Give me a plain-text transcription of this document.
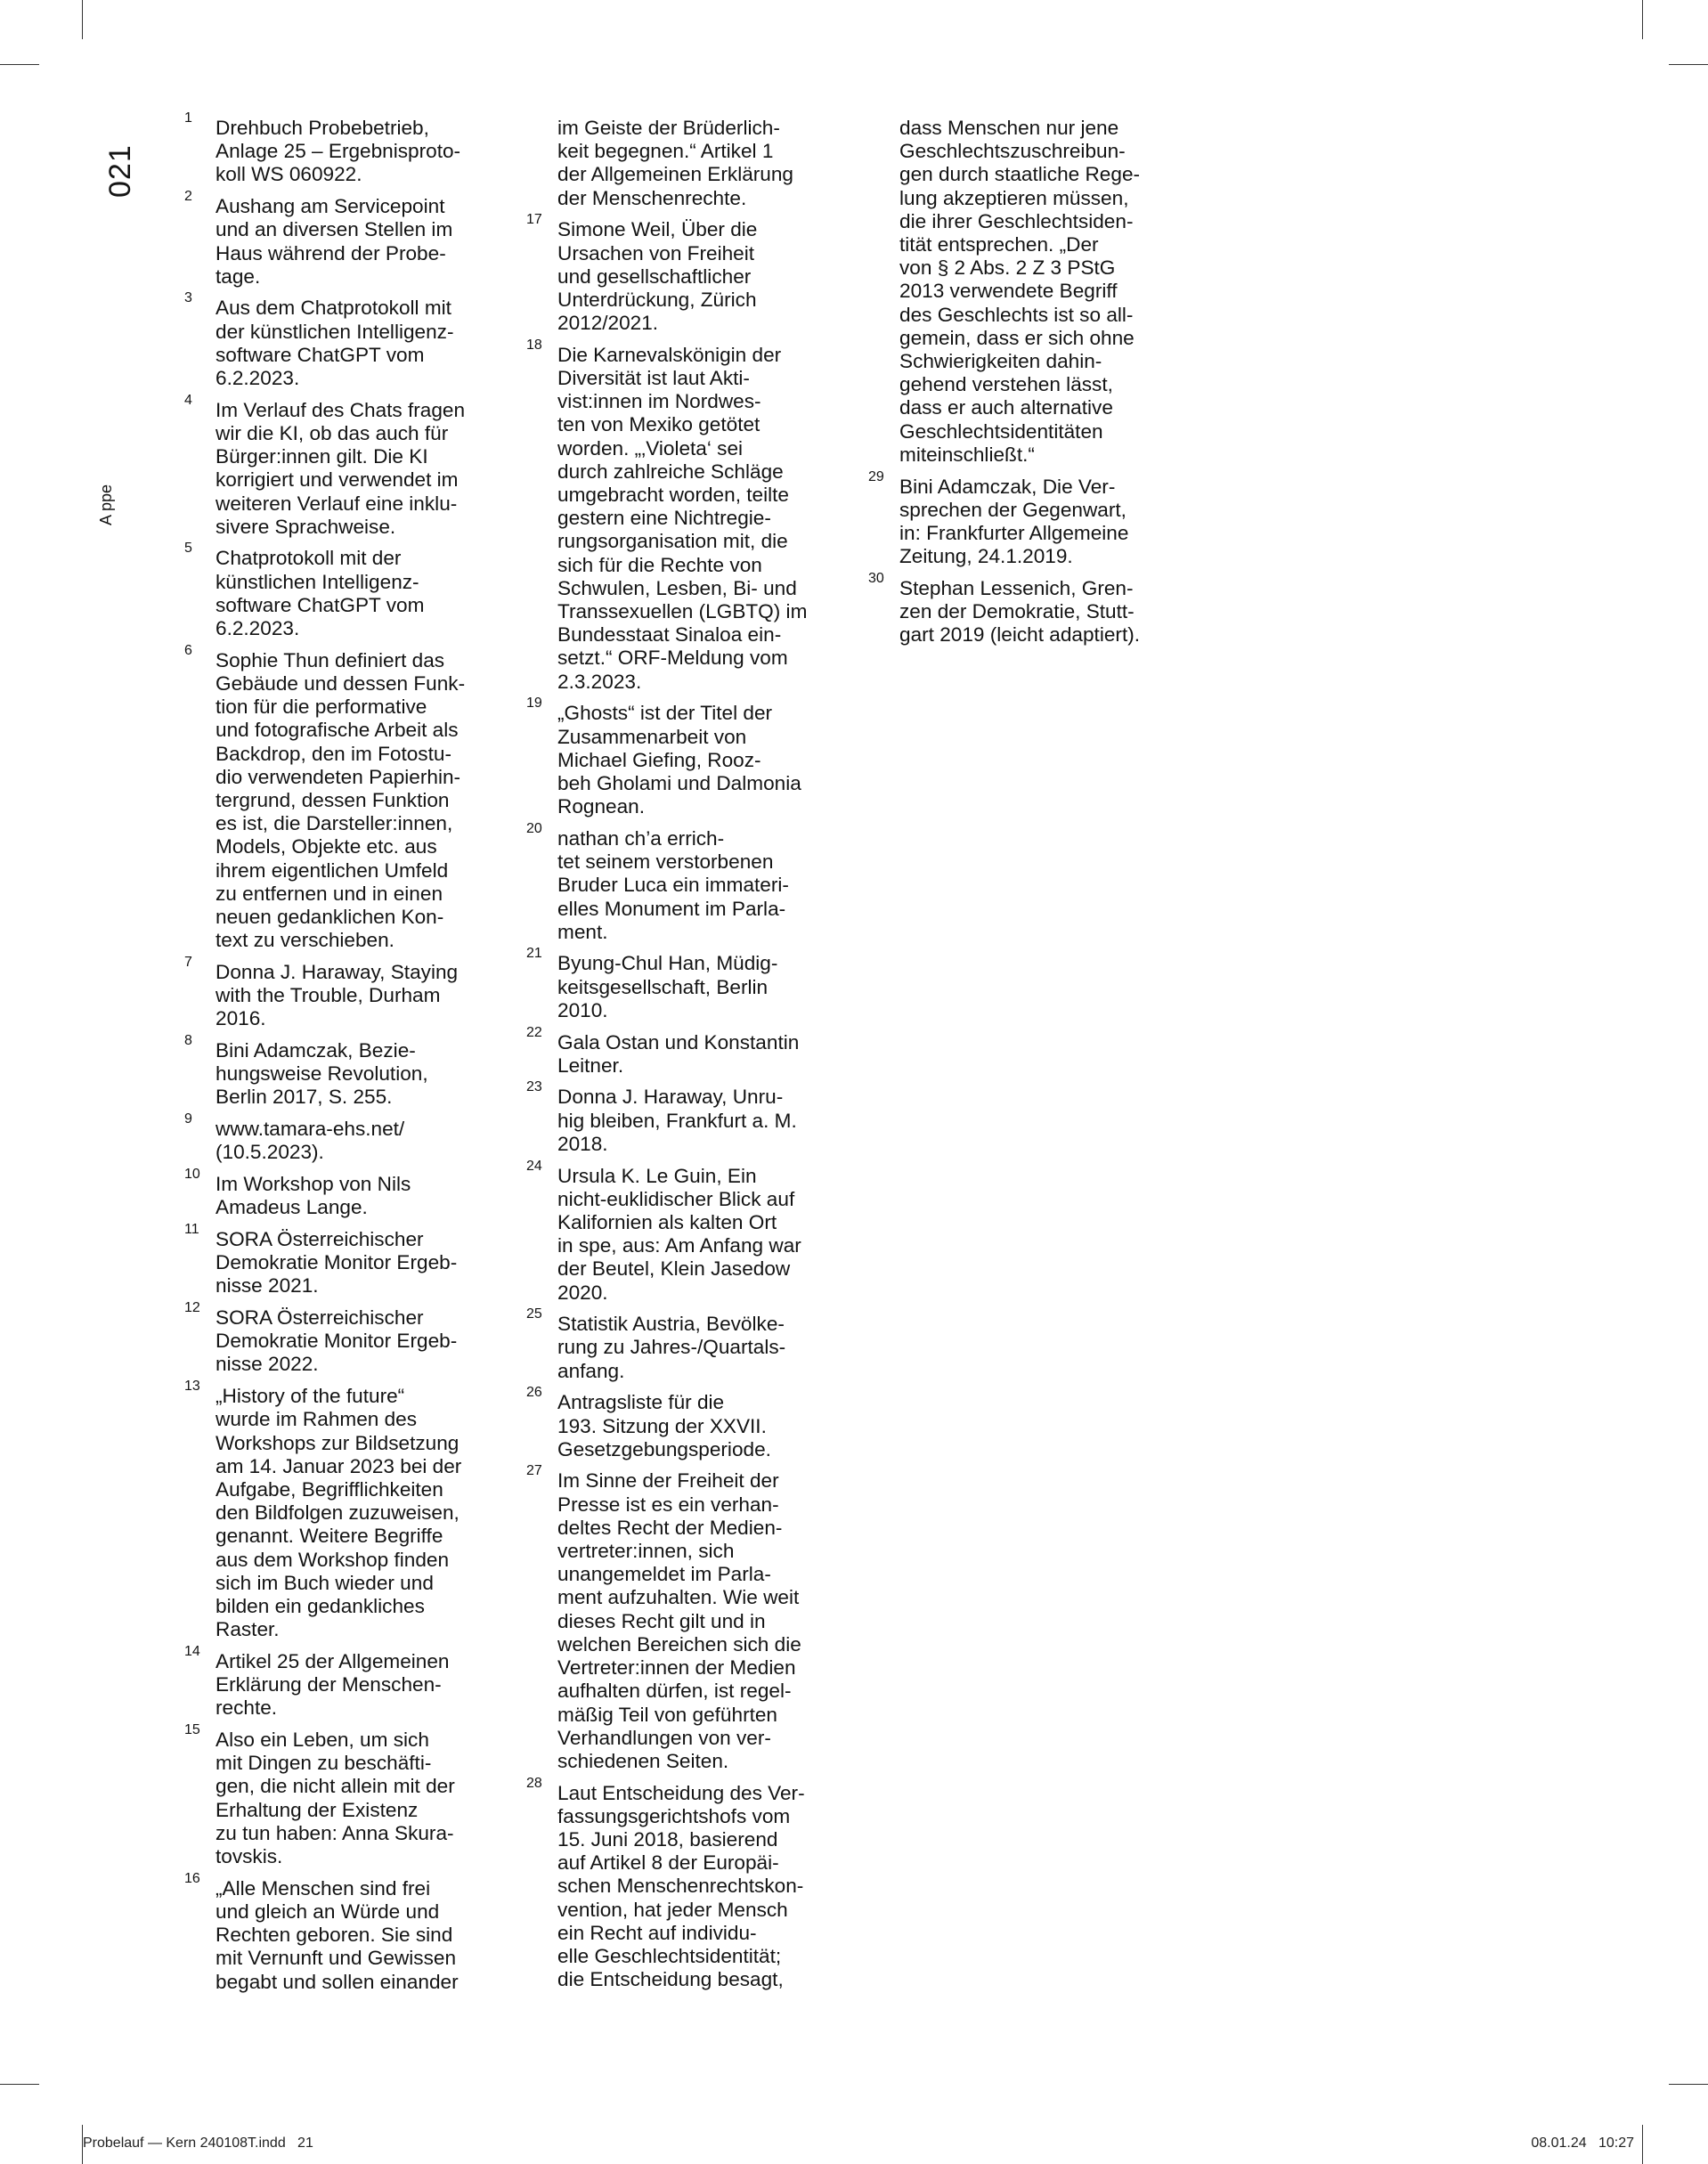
021
A ppe
1 Drehbuch Probebetrieb,
Anlage 25 – Ergebnisproto-
koll WS 060922.
2 Aushang am Servicepoint
und an diversen Stellen im
Haus während der Probe-
tage.
3 Aus dem Chatprotokoll mit
der künstlichen Intelligenz-
software ChatGPT vom
6.2.2023.
4 Im Verlauf des Chats fragen
wir die KI, ob das auch für
Bürger:innen gilt. Die KI
korrigiert und verwendet im
weiteren Verlauf eine inklu-
sivere Sprachweise.
5 Chatprotokoll mit der
künstlichen Intelligenz-
software ChatGPT vom
6.2.2023.
6 Sophie Thun definiert das
Gebäude und dessen Funk-
tion für die performative
und fotografische Arbeit als
Backdrop, den im Fotostu-
dio verwendeten Papierhin-
tergrund, dessen Funktion
es ist, die Darsteller:innen,
Models, Objekte etc. aus
ihrem eigentlichen Umfeld
zu entfernen und in einen
neuen gedanklichen Kon-
text zu verschieben.
7 Donna J. Haraway, Staying
with the Trouble, Durham
2016.
8 Bini Adamczak, Bezie-
hungsweise Revolution,
Berlin 2017, S. 255.
9 www.tamara-ehs.net/
(10.5.2023).
10 Im Workshop von Nils
Amadeus Lange.
11 SORA Österreichischer
Demokratie Monitor Ergeb-
nisse 2021.
12 SORA Österreichischer
Demokratie Monitor Ergeb-
nisse 2022.
13 „History of the future“
wurde im Rahmen des
Workshops zur Bildsetzung
am 14. Januar 2023 bei der
Aufgabe, Begrifflichkeiten
den Bildfolgen zuzuweisen,
genannt. Weitere Begriffe
aus dem Workshop finden
sich im Buch wieder und
bilden ein gedankliches
Raster.
14 Artikel 25 der Allgemeinen
Erklärung der Menschen-
rechte.
15 Also ein Leben, um sich
mit Dingen zu beschäfti-
gen, die nicht allein mit der
Erhaltung der Existenz
zu tun haben: Anna Skura-
tovskis.
16 „Alle Menschen sind frei
und gleich an Würde und
Rechten geboren. Sie sind
mit Vernunft und Gewissen
begabt und sollen einander
im Geiste der Brüderlich-
keit begegnen.“ Artikel 1
der Allgemeinen Erklärung
der Menschenrechte.
17 Simone Weil, Über die
Ursachen von Freiheit
und gesellschaftlicher
Unterdrückung, Zürich
2012/2021.
18 Die Karnevalskönigin der
Diversität ist laut Akti-
vist:innen im Nordwes-
ten von Mexiko getötet
worden. „‚Violeta‘ sei
durch zahlreiche Schläge
umgebracht worden, teilte
gestern eine Nichtregie-
rungsorganisation mit, die
sich für die Rechte von
Schwulen, Lesben, Bi- und
Transsexuellen (LGBTQ) im
Bundesstaat Sinaloa ein-
setzt.“ ORF-Meldung vom
2.3.2023.
19 „Ghosts“ ist der Titel der
Zusammenarbeit von
Michael Giefing, Rooz-
beh Gholami und Dalmonia
Rognean.
20 nathan ch’a errich-
tet seinem verstorbenen
Bruder Luca ein immateri-
elles Monument im Parla-
ment.
21 Byung-Chul Han, Müdig-
keitsgesellschaft, Berlin
2010.
22 Gala Ostan und Konstantin
Leitner.
23 Donna J. Haraway, Unru-
hig bleiben, Frankfurt a. M.
2018.
24 Ursula K. Le Guin, Ein
nicht-euklidischer Blick auf
Kalifornien als kalten Ort
in spe, aus: Am Anfang war
der Beutel, Klein Jasedow
2020.
25 Statistik Austria, Bevölke-
rung zu Jahres-/Quartals-
anfang.
26 Antragsliste für die
193. Sitzung der XXVII.
Gesetzgebungsperiode.
27 Im Sinne der Freiheit der
Presse ist es ein verhan-
deltes Recht der Medien-
vertreter:innen, sich
unangemeldet im Parla-
ment aufzuhalten. Wie weit
dieses Recht gilt und in
welchen Bereichen sich die
Vertreter:innen der Medien
aufhalten dürfen, ist regel-
mäßig Teil von geführten
Verhandlungen von ver-
schiedenen Seiten.
28 Laut Entscheidung des Ver-
fassungsgerichtshofs vom
15. Juni 2018, basierend
auf Artikel 8 der Europäi-
schen Menschenrechtskon-
vention, hat jeder Mensch
ein Recht auf individu-
elle Geschlechtsidentität;
die Entscheidung besagt,
dass Menschen nur jene
Geschlechtszuschreibun-
gen durch staatliche Rege-
lung akzeptieren müssen,
die ihrer Geschlechtsiden-
tität entsprechen. „Der
von § 2 Abs. 2 Z 3 PStG
2013 verwendete Begriff
des Geschlechts ist so all-
gemein, dass er sich ohne
Schwierigkeiten dahin-
gehend verstehen lässt,
dass er auch alternative
Geschlechtsidentitäten
miteinschließt.“
29 Bini Adamczak, Die Ver-
sprechen der Gegenwart,
in: Frankfurter Allgemeine
Zeitung, 24.1.2019.
30 Stephan Lessenich, Gren-
zen der Demokratie, Stutt-
gart 2019 (leicht adaptiert).
Probelauf — Kern 240108T.indd   21	08.01.24   10:27
